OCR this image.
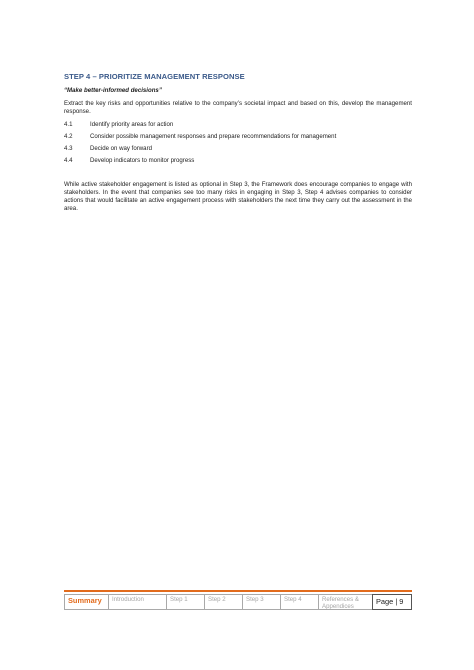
STEP 4 – PRIORITIZE MANAGEMENT RESPONSE
“Make better-informed decisions”

Extract the key risks and opportunities relative to the company’s societal impact and based on this, develop the management response.

4.1	Identify priority areas for action
4.2	Consider possible management responses and prepare recommendations for management
4.3	Decide on way forward
4.4	Develop indicators to monitor progress

While active stakeholder engagement is listed as optional in Step 3, the Framework does encourage companies to engage with stakeholders. In the event that companies see too many risks in engaging in Step 3, Step 4 advises companies to consider actions that would facilitate an active engagement process with stakeholders the next time they carry out the assessment in the area.

Summary	Introduction	Step 1	Step 2	Step 3	Step 4	References & Appendices
Page | 9
